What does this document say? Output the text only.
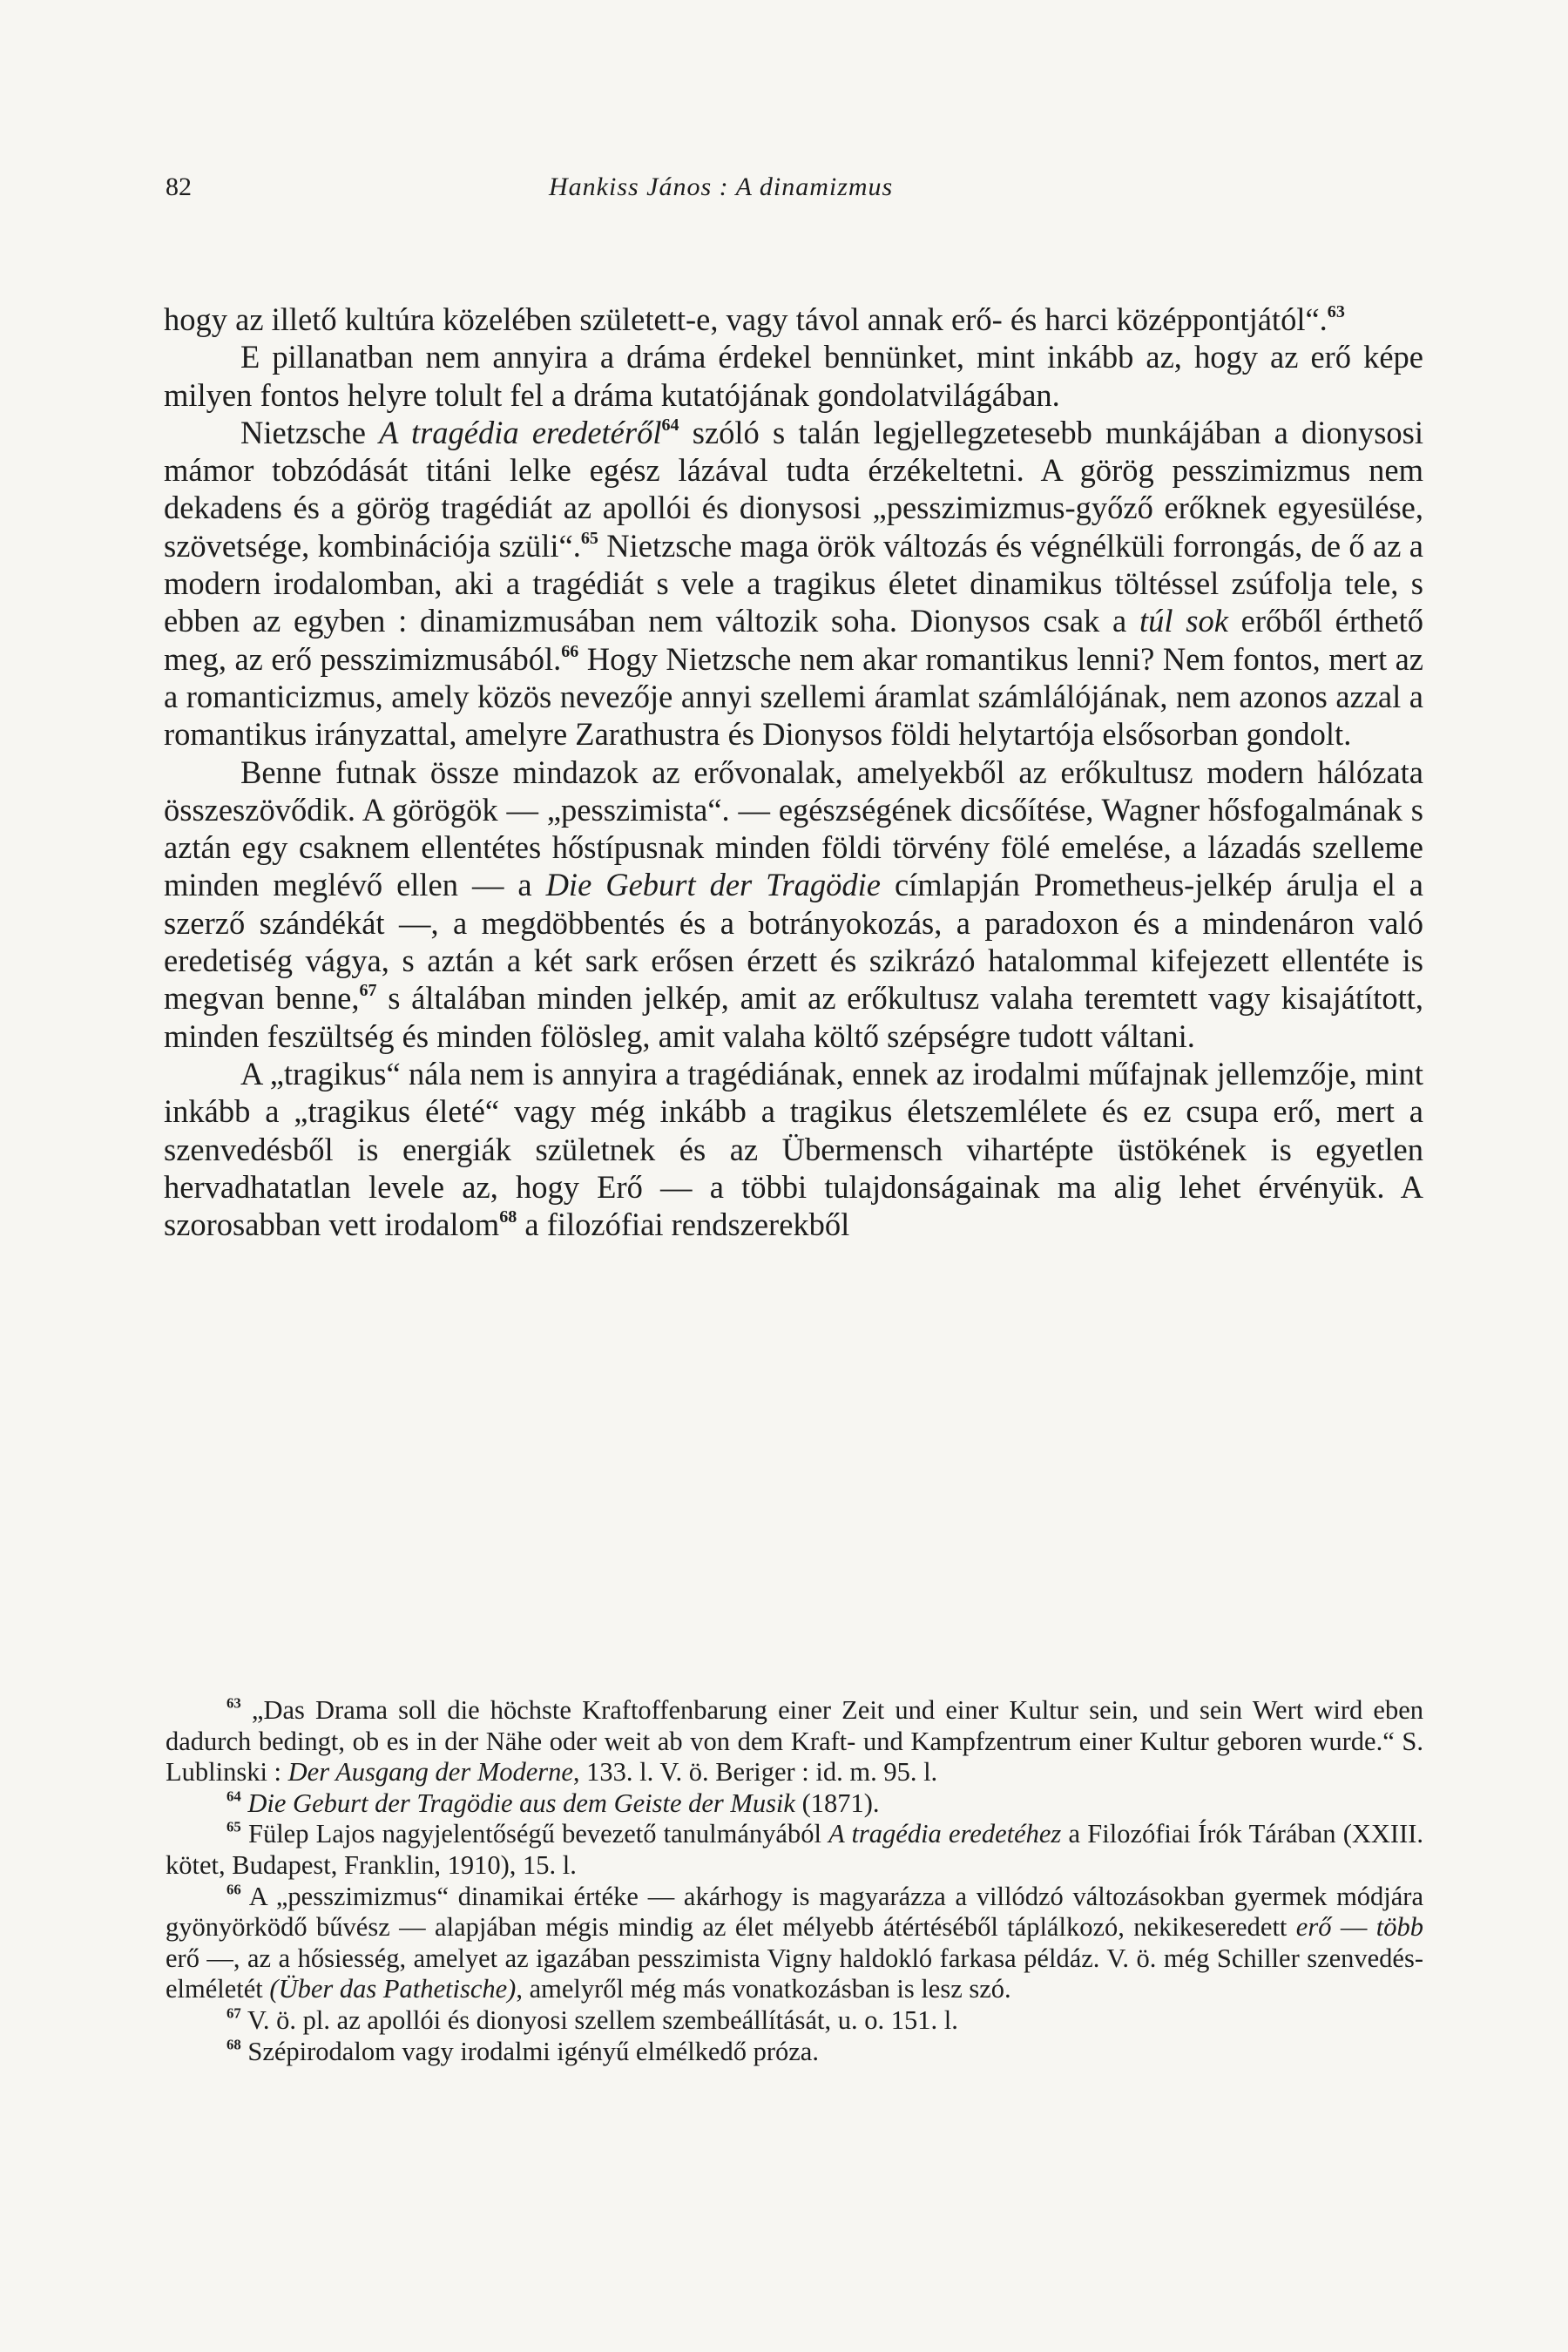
82	Hankiss János : A dinamizmus

hogy az illető kultúra közelében született-e, vagy távol annak erő- és harci középpontjától“.$^{63}$

E pillanatban nem annyira a dráma érdekel bennünket, mint inkább az, hogy az erő képe milyen fontos helyre tolult fel a dráma kutatójának gondolatvilágában.

Nietzsche A tragédia eredetéről$^{64}$ szóló s talán legjellegzetesebb munkájában a dionysosi mámor tobzódását titáni lelke egész lázával tudta érzékeltetni. A görög pesszimizmus nem dekadens és a görög tragédiát az apollói és dionysosi „pesszimizmus-győző erőknek egyesülése, szövetsége, kombinációja szüli“.$^{65}$ Nietzsche maga örök változás és végnélküli forrongás, de ő az a modern irodalomban, aki a tragédiát s vele a tragikus életet dinamikus töltéssel zsúfolja tele, s ebben az egyben : dinamizmusában nem változik soha. Dionysos csak a túl sok erőből érthető meg, az erő pesszimizmusából.$^{66}$ Hogy Nietzsche nem akar romantikus lenni? Nem fontos, mert az a romanticizmus, amely közös nevezője annyi szellemi áramlat számlálójának, nem azonos azzal a romantikus irányzattal, amelyre Zarathustra és Dionysos földi helytartója elsősorban gondolt.

Benne futnak össze mindazok az erővonalak, amelyekből az erőkultusz modern hálózata összeszövődik. A görögök — „pesszimista“. — egészségének dicsőítése, Wagner hősfogalmának s aztán egy csaknem ellentétes hőstípusnak minden földi törvény fölé emelése, a lázadás szelleme minden meglévő ellen — a Die Geburt der Tragödie címlapján Prometheus-jelkép árulja el a szerző szándékát —, a megdöbbentés és a botrányokozás, a paradoxon és a mindenáron való eredetiség vágya, s aztán a két sark erősen érzett és szikrázó hatalommal kifejezett ellentéte is megvan benne,$^{67}$ s általában minden jelkép, amit az erőkultusz valaha teremtett vagy kisajátított, minden feszültség és minden fölösleg, amit valaha költő szépségre tudott váltani.

A „tragikus“ nála nem is annyira a tragédiának, ennek az irodalmi műfajnak jellemzője, mint inkább a „tragikus életé“ vagy még inkább a tragikus életszemlélete és ez csupa erő, mert a szenvedésből is energiák születnek és az Übermensch vihartépte üstökének is egyetlen hervadhatatlan levele az, hogy Erő — a többi tulajdonságainak ma alig lehet érvényük. A szorosabban vett irodalom$^{68}$ a filozófiai rendszerekből

$^{63}$ „Das Drama soll die höchste Kraftoffenbarung einer Zeit und einer Kultur sein, und sein Wert wird eben dadurch bedingt, ob es in der Nähe oder weit ab von dem Kraft- und Kampfzentrum einer Kultur geboren wurde.“ S. Lublinski : Der Ausgang der Moderne, 133. l. V. ö. Beriger : id. m. 95. l.

$^{64}$ Die Geburt der Tragödie aus dem Geiste der Musik (1871).

$^{65}$ Fülep Lajos nagyjelentőségű bevezető tanulmányából A tragédia eredetéhez a Filozófiai Írók Tárában (XXIII. kötet, Budapest, Franklin, 1910), 15. l.

$^{66}$ A „pesszimizmus“ dinamikai értéke — akárhogy is magyarázza a villódzó változásokban gyermek módjára gyönyörködő bűvész — alapjában mégis mindig az élet mélyebb átértéséből táplálkozó, nekikeseredett erő — több erő —, az a hősiesség, amelyet az igazában pesszimista Vigny haldokló farkasa példáz. V. ö. még Schiller szenvedés-elméletét (Über das Pathetische), amelyről még más vonatkozásban is lesz szó.

$^{67}$ V. ö. pl. az apollói és dionyosi szellem szembeállítását, u. o. 151. l.

$^{68}$ Szépirodalom vagy irodalmi igényű elmélkedő próza.
